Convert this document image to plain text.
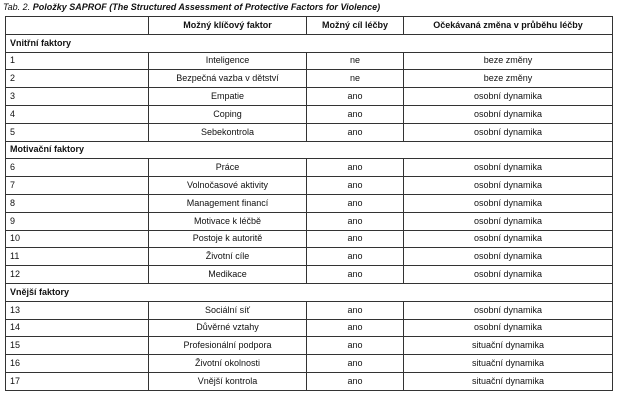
Tab. 2. Položky SAPROF (The Structured Assessment of Protective Factors for Violence)
	Možný klíčový faktor	Možný cíl léčby	Očekávaná změna v průběhu léčby
Vnitřní faktory			
1	Inteligence	ne	beze změny
2	Bezpečná vazba v dětství	ne	beze změny
3	Empatie	ano	osobní dynamika
4	Coping	ano	osobní dynamika
5	Sebekontrola	ano	osobní dynamika
Motivační faktory			
6	Práce	ano	osobní dynamika
7	Volnočasové aktivity	ano	osobní dynamika
8	Management financí	ano	osobní dynamika
9	Motivace k léčbě	ano	osobní dynamika
10	Postoje k autoritě	ano	osobní dynamika
11	Životní cíle	ano	osobní dynamika
12	Medikace	ano	osobní dynamika
Vnější faktory			
13	Sociální síť	ano	osobní dynamika
14	Důvěrné vztahy	ano	osobní dynamika
15	Profesionální podpora	ano	situační dynamika
16	Životní okolnosti	ano	situační dynamika
17	Vnější kontrola	ano	situační dynamika
